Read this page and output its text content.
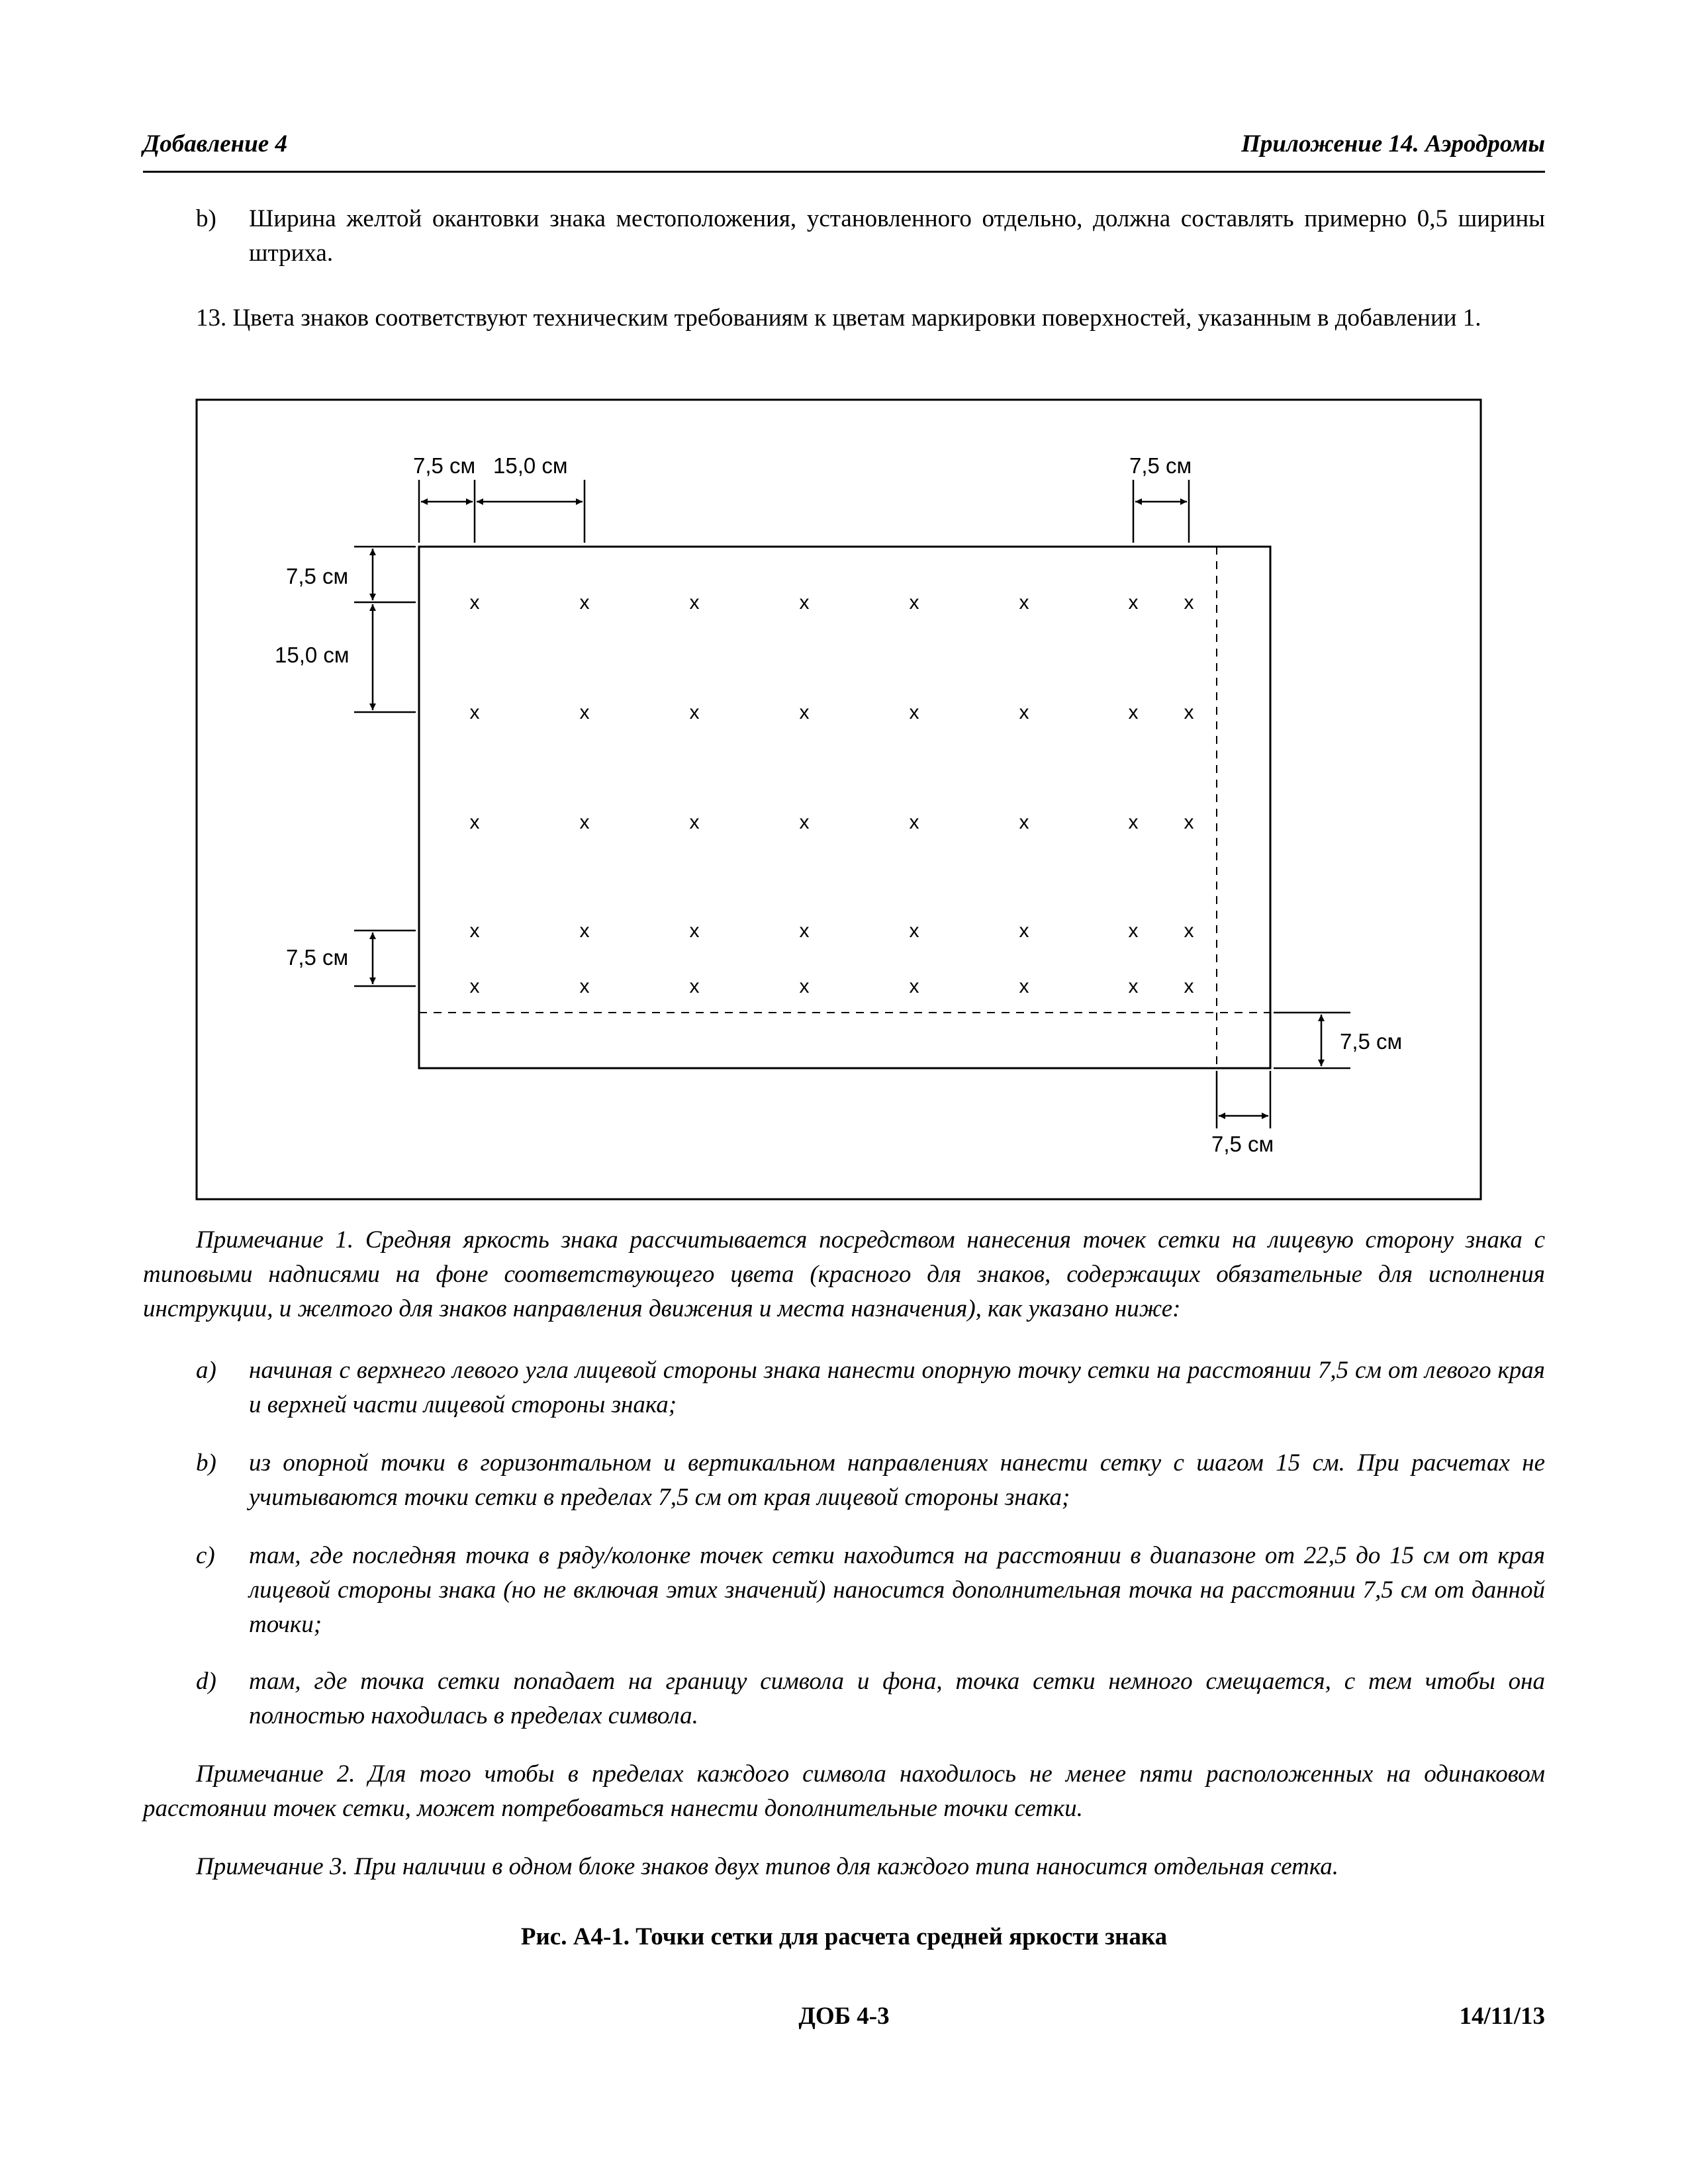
Добавление 4	Приложение 14. Аэродромы
b) Ширина желтой окантовки знака местоположения, установленного отдельно, должна составлять примерно 0,5 ширины штриха.
13. Цвета знаков соответствуют техническим требованиям к цветам маркировки поверхностей, указанным в добавлении 1.
7,5 см 15,0 см	7,5 см
7,5 см
15,0 см
7,5 см
7,5 см
7,5 см
x	x	x	x	x	x	x x
x	x	x	x	x	x	x x
x	x	x	x	x	x	x x
x	x	x	x	x	x	x x
x	x	x	x	x	x	x x
Примечание 1. Средняя яркость знака рассчитывается посредством нанесения точек сетки на лицевую сторону знака с типовыми надписями на фоне соответствующего цвета (красного для знаков, содержащих обязательные для исполнения инструкции, и желтого для знаков направления движения и места назначения), как указано ниже:
a) начиная с верхнего левого угла лицевой стороны знака нанести опорную точку сетки на расстоянии 7,5 см от левого края и верхней части лицевой стороны знака;
b) из опорной точки в горизонтальном и вертикальном направлениях нанести сетку с шагом 15 см. При расчетах не учитываются точки сетки в пределах 7,5 см от края лицевой стороны знака;
c) там, где последняя точка в ряду/колонке точек сетки находится на расстоянии в диапазоне от 22,5 до 15 см от края лицевой стороны знака (но не включая этих значений) наносится дополнительная точка на расстоянии 7,5 см от данной точки;
d) там, где точка сетки попадает на границу символа и фона, точка сетки немного смещается, с тем чтобы она полностью находилась в пределах символа.
Примечание 2. Для того чтобы в пределах каждого символа находилось не менее пяти расположенных на одинаковом расстоянии точек сетки, может потребоваться нанести дополнительные точки сетки.
Примечание 3. При наличии в одном блоке знаков двух типов для каждого типа наносится отдельная сетка.
Рис. А4-1. Точки сетки для расчета средней яркости знака
ДОБ 4-3	14/11/13
